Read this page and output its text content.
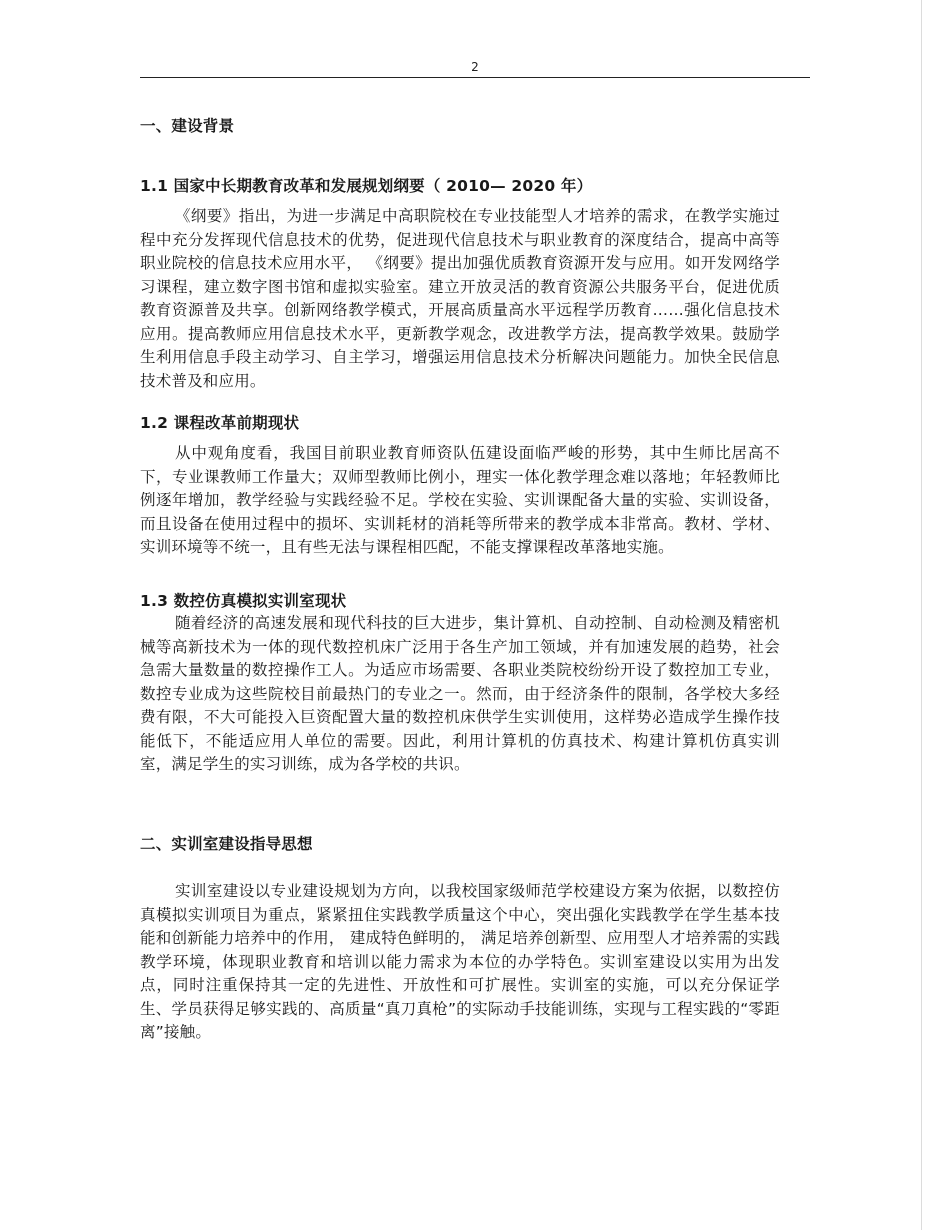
2
一、建设背景
1.1 国家中长期教育改革和发展规划纲要（ 2010— 2020 年）

《纲要》指出，为进一步满足中高职院校在专业技能型人才培养的需求，在教学实施过程中充分发挥现代信息技术的优势，促进现代信息技术与职业教育的深度结合，提高中高等职业院校的信息技术应用水平， 《纲要》提出加强优质教育资源开发与应用。如开发网络学习课程，建立数字图书馆和虚拟实验室。建立开放灵活的教育资源公共服务平台，促进优质教育资源普及共享。创新网络教学模式，开展高质量高水平远程学历教育……强化信息技术应用。提高教师应用信息技术水平，更新教学观念，改进教学方法，提高教学效果。鼓励学生利用信息手段主动学习、自主学习，增强运用信息技术分析解决问题能力。加快全民信息技术普及和应用。

1.2 课程改革前期现状

从中观角度看，我国目前职业教育师资队伍建设面临严峻的形势，其中生师比居高不下，专业课教师工作量大；双师型教师比例小，理实一体化教学理念难以落地；年轻教师比例逐年增加，教学经验与实践经验不足。学校在实验、实训课配备大量的实验、实训设备，而且设备在使用过程中的损坏、实训耗材的消耗等所带来的教学成本非常高。教材、学材、实训环境等不统一，且有些无法与课程相匹配，不能支撑课程改革落地实施。

1.3 数控仿真模拟实训室现状

随着经济的高速发展和现代科技的巨大进步，集计算机、自动控制、自动检测及精密机械等高新技术为一体的现代数控机床广泛用于各生产加工领域，并有加速发展的趋势，社会急需大量数量的数控操作工人。为适应市场需要、各职业类院校纷纷开设了数控加工专业，数控专业成为这些院校目前最热门的专业之一。然而，由于经济条件的限制，各学校大多经费有限，不大可能投入巨资配置大量的数控机床供学生实训使用，这样势必造成学生操作技能低下，不能适应用人单位的需要。因此，利用计算机的仿真技术、构建计算机仿真实训室，满足学生的实习训练，成为各学校的共识。

二、实训室建设指导思想

实训室建设以专业建设规划为方向，以我校国家级师范学校建设方案为依据，以数控仿真模拟实训项目为重点，紧紧扭住实践教学质量这个中心，突出强化实践教学在学生基本技能和创新能力培养中的作用， 建成特色鲜明的， 满足培养创新型、应用型人才培养需的实践教学环境，体现职业教育和培训以能力需求为本位的办学特色。实训室建设以实用为出发点，同时注重保持其一定的先进性、开放性和可扩展性。实训室的实施，可以充分保证学生、学员获得足够实践的、高质量“真刀真枪”的实际动手技能训练，实现与工程实践的“零距离”接触。
